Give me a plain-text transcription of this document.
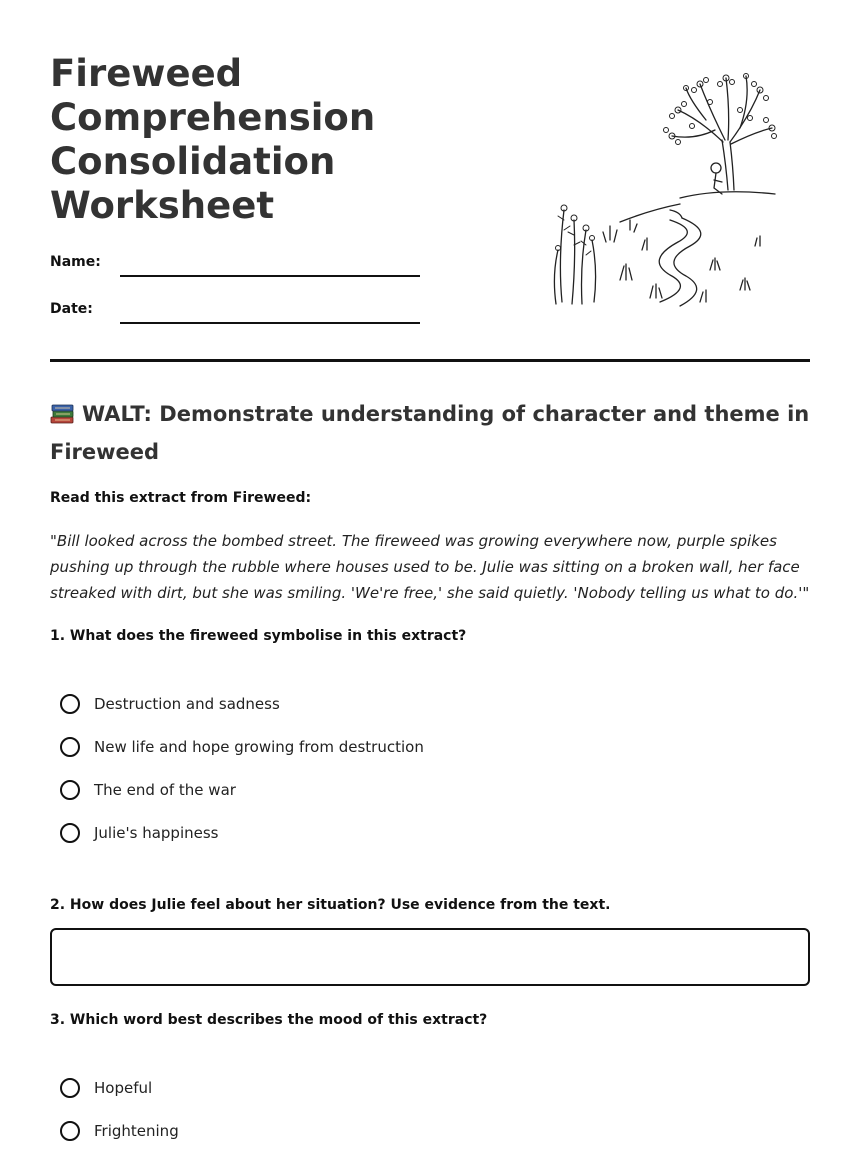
Fireweed
Comprehension
Consolidation
Worksheet
Name:
Date:
WALT: Demonstrate understanding of character and theme in
Fireweed
Read this extract from Fireweed:
"Bill looked across the bombed street. The fireweed was growing everywhere now, purple spikes pushing up through the rubble where houses used to be. Julie was sitting on a broken wall, her face streaked with dirt, but she was smiling. 'We're free,' she said quietly. 'Nobody telling us what to do.'"
1. What does the fireweed symbolise in this extract?
Destruction and sadness
New life and hope growing from destruction
The end of the war
Julie's happiness
2. How does Julie feel about her situation? Use evidence from the text.
3. Which word best describes the mood of this extract?
Hopeful
Frightening
